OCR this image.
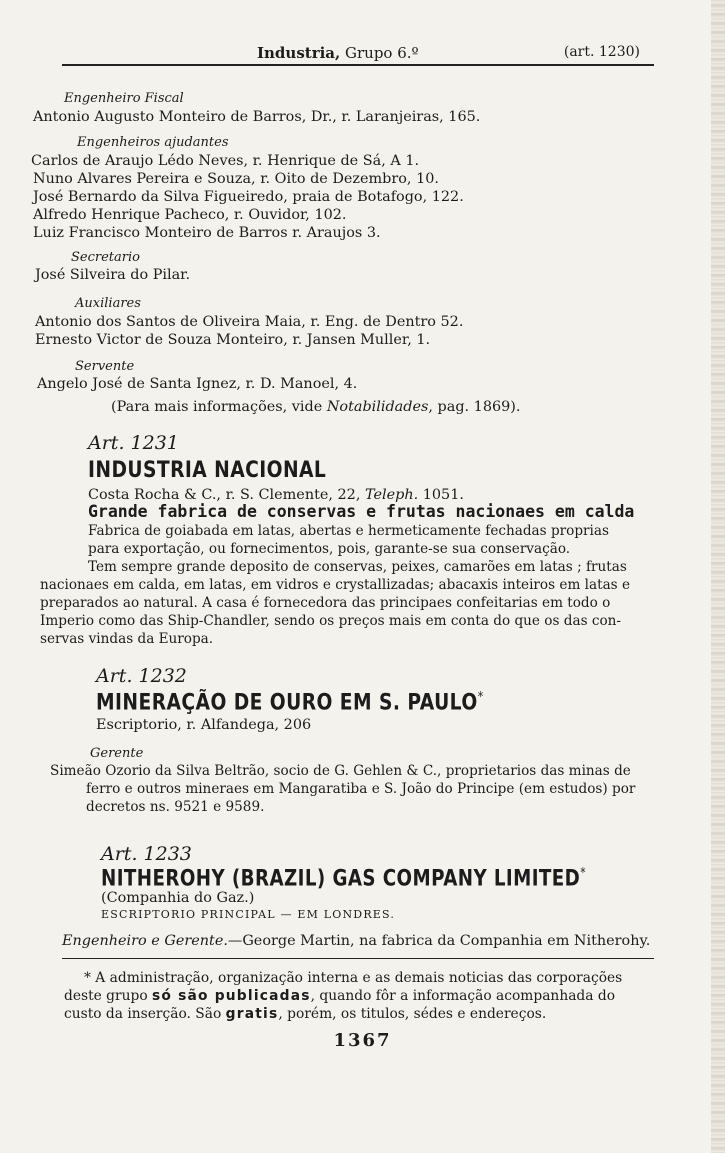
Industria, Grupo 6.º	(art. 1230)
Engenheiro Fiscal
Antonio Augusto Monteiro de Barros, Dr., r. Laranjeiras, 165.
Engenheiros ajudantes
Carlos de Araujo Lédo Neves, r. Henrique de Sá, A 1.
Nuno Alvares Pereira e Souza, r. Oito de Dezembro, 10.
José Bernardo da Silva Figueiredo, praia de Botafogo, 122.
Alfredo Henrique Pacheco, r. Ouvidor, 102.
Luiz Francisco Monteiro de Barros r. Araujos 3.
Secretario
José Silveira do Pilar.
Auxiliares
Antonio dos Santos de Oliveira Maia, r. Eng. de Dentro 52.
Ernesto Victor de Souza Monteiro, r. Jansen Muller, 1.
Servente
Angelo José de Santa Ignez, r. D. Manoel, 4.
(Para mais informações, vide Notabilidades, pag. 1869).
Art. 1231
INDUSTRIA NACIONAL
Costa Rocha & C., r. S. Clemente, 22, Teleph. 1051.
Grande fabrica de conservas e frutas nacionaes em calda
Fabrica de goiabada em latas, abertas e hermeticamente fechadas proprias
para exportação, ou fornecimentos, pois, garante-se sua conservação.
Tem sempre grande deposito de conservas, peixes, camarões em latas ; frutas
nacionaes em calda, em latas, em vidros e crystallizadas; abacaxis inteiros em latas e
preparados ao natural. A casa é fornecedora das principaes confeitarias em todo o
Imperio como das Ship-Chandler, sendo os preços mais em conta do que os das con-
servas vindas da Europa.
Art. 1232
MINERAÇÃO DE OURO EM S. PAULO*
Escriptorio, r. Alfandega, 206
Gerente
Simeão Ozorio da Silva Beltrão, socio de G. Gehlen & C., proprietarios das minas de
ferro e outros mineraes em Mangaratiba e S. João do Principe (em estudos) por
decretos ns. 9521 e 9589.
Art. 1233
NITHEROHY (BRAZIL) GAS COMPANY LIMITED*
(Companhia do Gaz.)
ESCRIPTORIO PRINCIPAL — EM LONDRES.
Engenheiro e Gerente.—George Martin, na fabrica da Companhia em Nitherohy.
* A administração, organização interna e as demais noticias das corporações
deste grupo só são publicadas, quando fôr a informação acompanhada do
custo da inserção. São gratis, porém, os titulos, sédes e endereços.
1367
